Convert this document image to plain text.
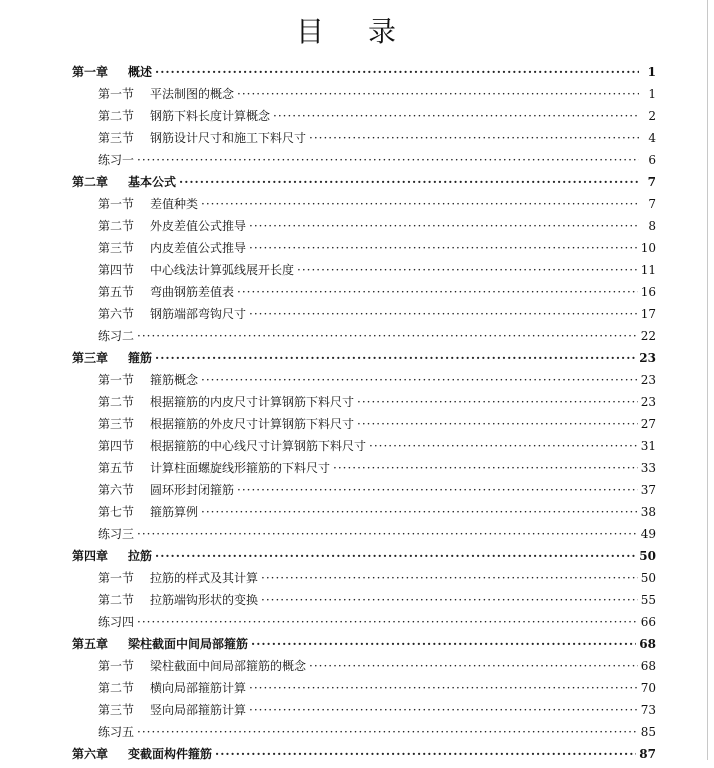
目录
第一章 概述 ·····	1
第一节 平法制图的概念 ·····	1
第二节 钢筋下料长度计算概念 ·····	2
第三节 钢筋设计尺寸和施工下料尺寸 ·····	4
练习一 ·····	6
第二章 基本公式 ·····	7
第一节 差值种类 ·····	7
第二节 外皮差值公式推导 ·····	8
第三节 内皮差值公式推导 ·····	10
第四节 中心线法计算弧线展开长度 ·····	11
第五节 弯曲钢筋差值表 ·····	16
第六节 钢筋端部弯钩尺寸 ·····	17
练习二 ·····	22
第三章 箍筋 ·····	23
第一节 箍筋概念 ·····	23
第二节 根据箍筋的内皮尺寸计算钢筋下料尺寸 ·····	23
第三节 根据箍筋的外皮尺寸计算钢筋下料尺寸 ·····	27
第四节 根据箍筋的中心线尺寸计算钢筋下料尺寸 ·····	31
第五节 计算柱面螺旋线形箍筋的下料尺寸 ·····	33
第六节 圆环形封闭箍筋 ·····	37
第七节 箍筋算例 ·····	38
练习三 ·····	49
第四章 拉筋 ·····	50
第一节 拉筋的样式及其计算 ·····	50
第二节 拉筋端钩形状的变换 ·····	55
练习四 ·····	66
第五章 梁柱截面中间局部箍筋 ·····	68
第一节 梁柱截面中间局部箍筋的概念 ·····	68
第二节 横向局部箍筋计算 ·····	70
第三节 竖向局部箍筋计算 ·····	73
练习五 ·····	85
第六章 变截面构件箍筋 ·····	87
